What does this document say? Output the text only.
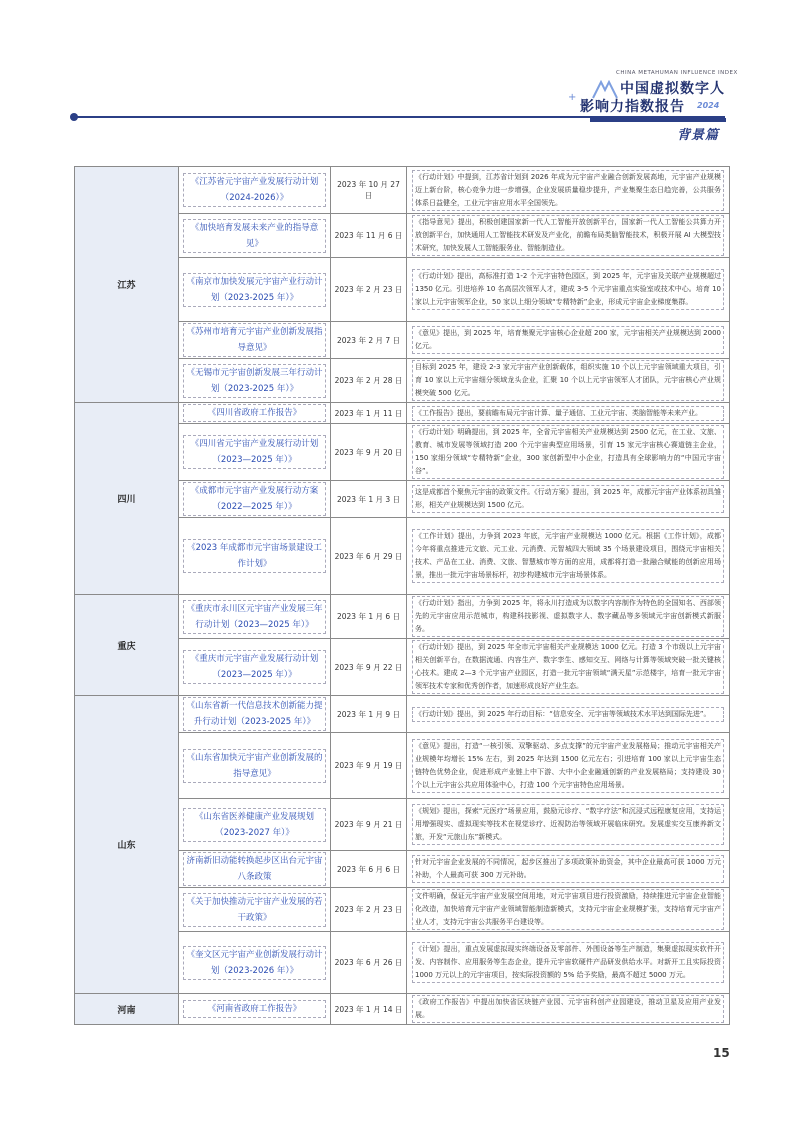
CHINA METAHUMAN INFLUENCE INDEX
+
中国虚拟数字人
影响力指数报告 2024
背景篇
江苏	《江苏省元宇宙产业发展行动计划（2024-2026）》	2023 年 10 月 27 日	《行动计划》中提到，江苏省计划到 2026 年成为元宇宙产业融合创新发展高地，元宇宙产业规模迈上新台阶，核心竞争力进一步增强，企业发展质量稳步提升，产业集聚生态日趋完善，公共服务体系日益健全，工业元宇宙应用水平全国领先。

	《加快培育发展未来产业的指导意见》	2023 年 11 月 6 日	《指导意见》提出，积极创建国家新一代人工智能开放创新平台，国家新一代人工智能公共算力开放创新平台，加快通用人工智能技术研发及产业化，前瞻布局类脑智能技术，积极开展 AI 大模型技术研究，加快发展人工智能服务业、智能制造业。

	《南京市加快发展元宇宙产业行动计划（2023-2025 年）》	2023 年 2 月 23 日	《行动计划》提出，高标准打造 1-2 个元宇宙特色园区，到 2025 年，元宇宙及关联产业规模超过 1350 亿元。引进培养 10 名高层次领军人才，建成 3-5 个元宇宙重点实验室或技术中心。培育 10 家以上元宇宙领军企业，50 家以上细分领域“专精特新”企业，形成元宇宙企业梯度集群。

	《苏州市培育元宇宙产业创新发展指导意见》	2023 年 2 月 7 日	《意见》提出，到 2025 年，培育集聚元宇宙核心企业超 200 家，元宇宙相关产业规模达到 2000 亿元。

	《无锡市元宇宙创新发展三年行动计划（2023-2025 年）》	2023 年 2 月 28 日	目标到 2025 年，建设 2-3 家元宇宙产业创新载体，组织实施 10 个以上元宇宙领域重大项目，引育 10 家以上元宇宙细分领域龙头企业，汇聚 10 个以上元宇宙领军人才团队，元宇宙核心产业规模突破 500 亿元。

四川	《四川省政府工作报告》	2023 年 1 月 11 日	《工作报告》提出，要前瞻布局元宇宙计算、量子通信、工业元宇宙、类脑智能等未来产业。

	《四川省元宇宙产业发展行动计划（2023—2025 年）》	2023 年 9 月 20 日	《行动计划》明确提出，到 2025 年，全省元宇宙相关产业规模达到 2500 亿元，在工业、文旅、教育、城市发展等领域打造 200 个元宇宙典型应用场景，引育 15 家元宇宙核心赛道链主企业，150 家细分领域“专精特新”企业，300 家创新型中小企业，打造具有全球影响力的“中国元宇宙谷”。

	《成都市元宇宙产业发展行动方案（2022—2025 年）》	2023 年 1 月 3 日	这是成都首个聚焦元宇宙的政策文件。《行动方案》提出，到 2025 年，成都元宇宙产业体系初具雏形，相关产业规模达到 1500 亿元。

	《2023 年成都市元宇宙场景建设工作计划》	2023 年 6 月 29 日	《工作计划》提出，力争到 2023 年底，元宇宙产业规模达 1000 亿元。根据《工作计划》，成都今年将重点推进元文旅、元工业、元消费、元智城四大领域 35 个场景建设项目，围绕元宇宙相关技术、产品在工业、消费、文旅、智慧城市等方面的应用，成都将打造一批融合赋能的创新应用场景，推出一批元宇宙场景标杆，初步构建城市元宇宙场景体系。

重庆	《重庆市永川区元宇宙产业发展三年行动计划（2023—2025 年）》	2023 年 1 月 6 日	《行动计划》指出，力争到 2025 年，将永川打造成为以数字内容制作为特色的全国知名、西部领先的元宇宙应用示范城市，构建科技影视、虚拟数字人、数字藏品等多领域元宇宙创新模式新服务。

	《重庆市元宇宙产业发展行动计划（2023—2025 年）》	2023 年 9 月 22 日	《行动计划》提出，到 2025 年全市元宇宙相关产业规模达 1000 亿元。打造 3 个市级以上元宇宙相关创新平台，在数据流通、内容生产、数字孪生、感知交互、网络与计算等领域突破一批关键核心技术。建成 2—3 个元宇宙产业园区，打造一批元宇宙领域“满天星”示范楼宇，培育一批元宇宙领军技术专家和优秀创作者，加速形成良好产业生态。

山东	《山东省新一代信息技术创新能力提升行动计划（2023-2025 年）》	2023 年 1 月 9 日	《行动计划》提出，到 2025 年行动目标：“信息安全、元宇宙等领域技术水平达到国际先进”。

	《山东省加快元宇宙产业创新发展的指导意见》	2023 年 9 月 19 日	《意见》提出，打造“一核引领、双擎驱动、多点支撑”的元宇宙产业发展格局；推动元宇宙相关产业规模年均增长 15% 左右，到 2025 年达到 1500 亿元左右；引进培育 100 家以上元宇宙生态链特色优势企业，促进形成产业链上中下游、大中小企业融通创新的产业发展格局；支持建设 30 个以上元宇宙公共应用体验中心，打造 100 个元宇宙特色应用场景。

	《山东省医养健康产业发展规划（2023-2027 年）》	2023 年 9 月 21 日	《规划》提出，探索“元医疗”场景应用，鼓励元诊疗、“数字疗法”和沉浸式远程康复应用，支持运用增强现实、虚拟现实等技术在视觉诊疗、近视防治等领域开展临床研究。发展虚实交互康养新文旅，开发“元旅山东”新模式。

	济南新旧动能转换起步区出台元宇宙八条政策	2023 年 6 月 6 日	针对元宇宙企业发展的不同情况，起步区推出了多项政策补助资金，其中企业最高可获 1000 万元补助，个人最高可获 300 万元补助。

	《关于加快推动元宇宙产业发展的若干政策》	2023 年 2 月 23 日	文件明确，保证元宇宙产业发展空间用地，对元宇宙项目进行投资激励，持续推进元宇宙企业智能化改造，加快培育元宇宙产业领域智能制造新模式，支持元宇宙企业规模扩张，支持培育元宇宙产业人才，支持元宇宙公共服务平台建设等。

	《奎文区元宇宙产业创新发展行动计划（2023-2026 年）》	2023 年 6 月 26 日	《计划》提出，重点发展虚拟现实终端设备及零部件、外围设备等生产制造，集聚虚拟现实软件开发、内容制作、应用服务等生态企业，提升元宇宙软硬件产品研发供给水平。对新开工且实际投资 1000 万元以上的元宇宙项目，按实际投资额的 5% 给予奖励，最高不超过 5000 万元。

河南	《河南省政府工作报告》	2023 年 1 月 14 日	《政府工作报告》中提出加快省区块链产业园、元宇宙科创产业园建设，推动卫星及应用产业发展。
15
